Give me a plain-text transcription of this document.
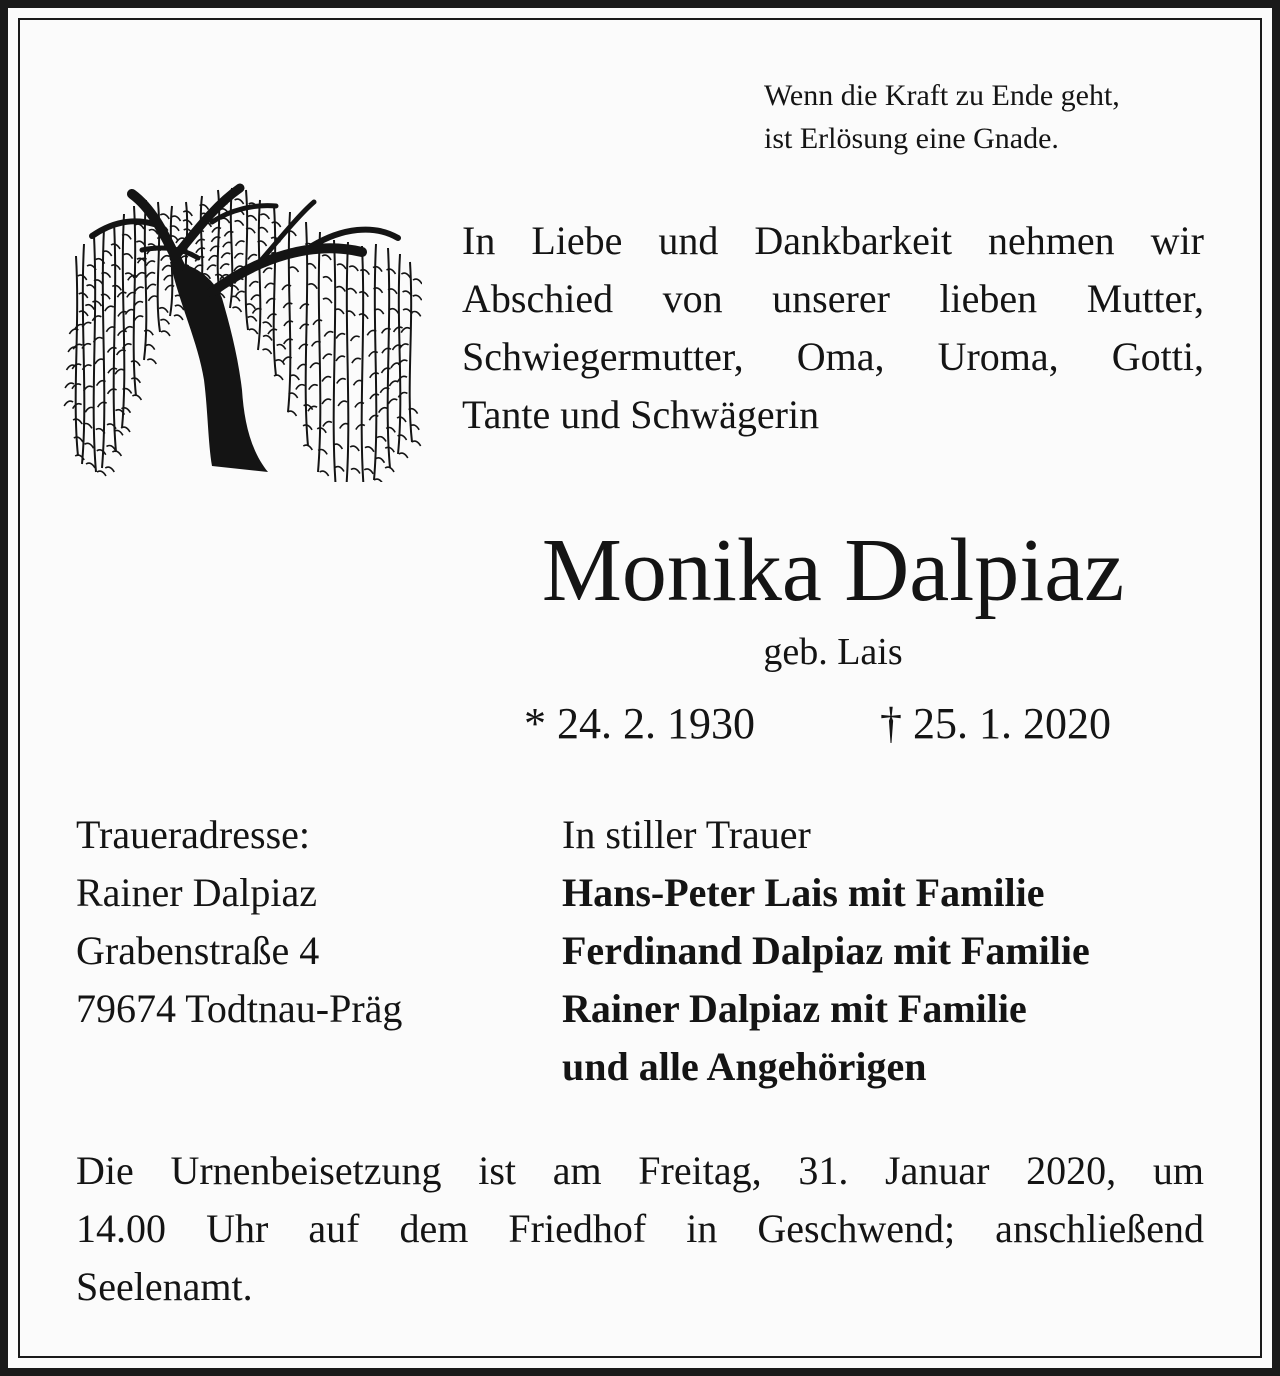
Wenn die Kraft zu Ende geht,
ist Erlösung eine Gnade.
In Liebe und Dankbarkeit nehmen wir
Abschied von unserer lieben Mutter,
Schwiegermutter, Oma, Uroma, Gotti,
Tante und Schwägerin
Monika Dalpiaz
geb. Lais
* 24. 2. 1930	† 25. 1. 2020
Traueradresse:
Rainer Dalpiaz
Grabenstraße 4
79674 Todtnau-Präg
In stiller Trauer
Hans-Peter Lais mit Familie
Ferdinand Dalpiaz mit Familie
Rainer Dalpiaz mit Familie
und alle Angehörigen
Die Urnenbeisetzung ist am Freitag, 31. Januar 2020, um
14.00 Uhr auf dem Friedhof in Geschwend; anschließend
Seelenamt.
